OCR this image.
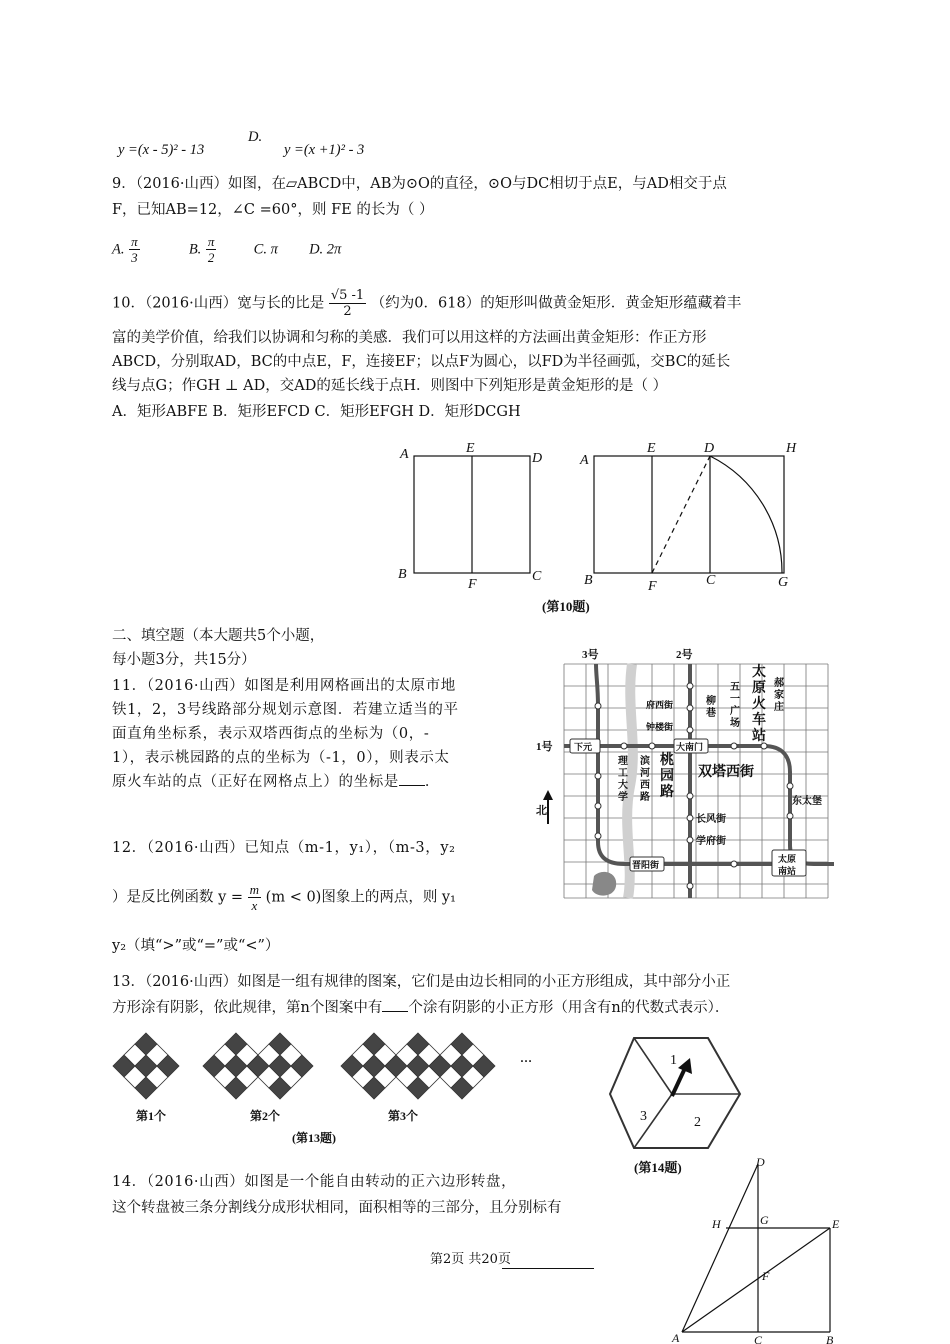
y =(x - 5)² - 13
D.
y =(x +1)² - 3
9．（2016·山西）如图，在▱ABCD中，AB为⊙O的直径，⊙O与DC相切于点E，与AD相交于点
F，已知AB=12，∠C =60°，则 FE 的长为（ ）
A. $\frac{\pi}{3}$	B. $\frac{\pi}{2}$	C. π D. 2π
10．（2016·山西）宽与长的比是 $\frac{√5 -1}{2}$ （约为0．618）的矩形叫做黄金矩形．黄金矩形蕴藏着丰
富的美学价值，给我们以协调和匀称的美感．我们可以用这样的方法画出黄金矩形：作正方形
ABCD，分别取AD，BC的中点E，F，连接EF；以点F为圆心，以FD为半径画弧，交BC的延长
线与点G；作GH ⊥ AD，交AD的延长线于点H．则图中下列矩形是黄金矩形的是（ ）
A．矩形ABFE B．矩形EFCD C．矩形EFGH D．矩形DCGH
A	E
D
B
F
C
A
E	D	H
B	F	C	G
(第10题)
二、填空题（本大题共5个小题，
每小题3分，共15分）
11．（2016·山西）如图是利用网格画出的太原市地
铁1，2，3号线路部分规划示意图．若建立适当的平
面直角坐标系，表示双塔西街点的坐标为（0，-
1），表示桃园路的点的坐标为（-1，0），则表示太
原火车站的点（正好在网格点上）的坐标是 ．
3号	2号
1号
府西街
钟楼街
下元	大南门
晋阳街
长风街
学府街
双塔西街
东太堡
北
理工大学
滨河西路
桃园路
柳巷
五一广场
郝家庄
太原火车站
太原南站
12．（2016·山西）已知点（m-1，y₁），（m-3，y₂
）是反比例函数 $y = \frac{m}{x} (m < 0)$图象上的两点，则 y₁
y₂（填“>”或“=”或“<”）
13．（2016·山西）如图是一组有规律的图案，它们是由边长相同的小正方形组成，其中部分小正
方形涂有阴影，依此规律，第n个图案中有 个涂有阴影的小正方形（用含有n的代数式表示）．
第1个	第2个	第3个
…
(第13题)
1
3	2
(第14题)
14．（2016·山西）如图是一个能自由转动的正六边形转盘，
这个转盘被三条分割线分成形状相同，面积相等的三部分，且分别标有
D
H	G	E
F
A	C	B
第2页 共20页
